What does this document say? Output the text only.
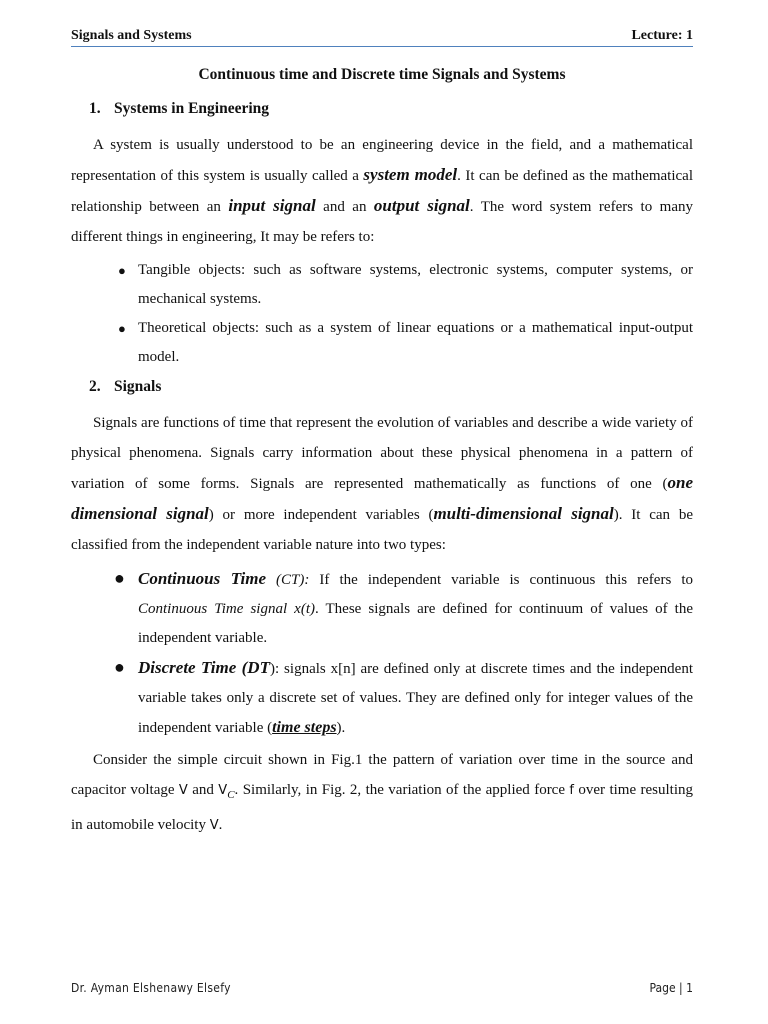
Signals and Systems	Lecture: 1
Continuous time and Discrete time Signals and Systems
1. Systems in Engineering

A system is usually understood to be an engineering device in the field, and a mathematical representation of this system is usually called a system model. It can be defined as the mathematical relationship between an input signal and an output signal. The word system refers to many different things in engineering, It may be refers to:

● Tangible objects: such as software systems, electronic systems, computer systems, or mechanical systems.
● Theoretical objects: such as a system of linear equations or a mathematical input-output model.
2. Signals

Signals are functions of time that represent the evolution of variables and describe a wide variety of physical phenomena. Signals carry information about these physical phenomena in a pattern of variation of some forms. Signals are represented mathematically as functions of one (one dimensional signal) or more independent variables (multi-dimensional signal). It can be classified from the independent variable nature into two types:

● Continuous Time (CT): If the independent variable is continuous this refers to Continuous Time signal x(t). These signals are defined for continuum of values of the independent variable.
● Discrete Time (DT): signals x[n] are defined only at discrete times and the independent variable takes only a discrete set of values. They are defined only for integer values of the independent variable (time steps).

Consider the simple circuit shown in Fig.1 the pattern of variation over time in the source and capacitor voltage V and $V_C$. Similarly, in Fig. 2, the variation of the applied force f over time resulting in automobile velocity V.

Dr. Ayman Elshenawy Elsefy	Page | 1
